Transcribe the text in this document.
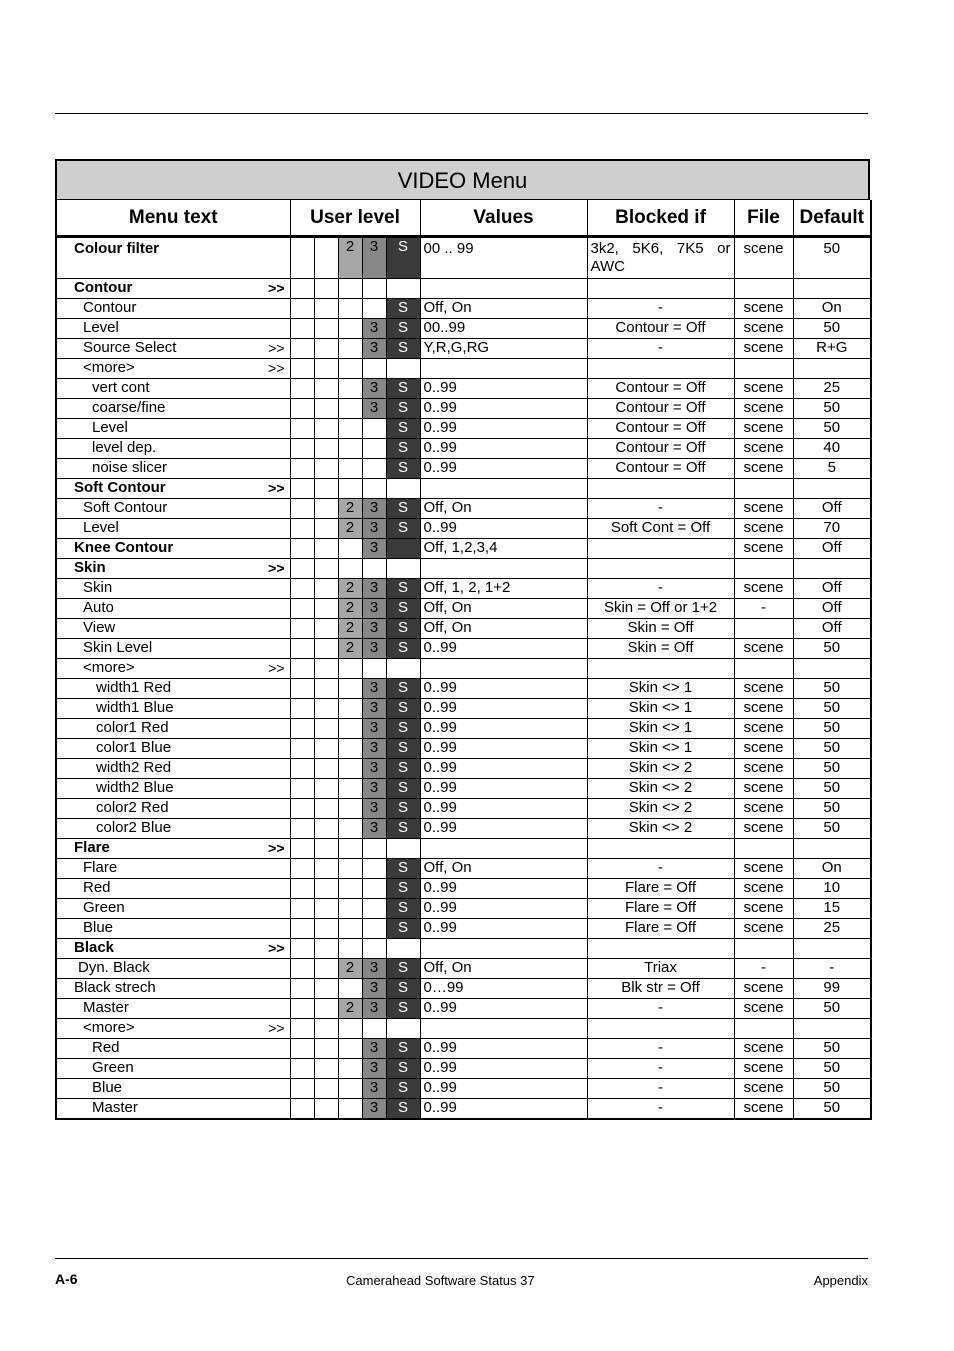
VIDEO Menu
Menu text	User level	Values	Blocked if	File	Default
Colour filter			2	3	S	00 .. 99	3k2, 5K6, 7K5 or AWC	scene	50
Contour >>									

Contour					S	Off, On	-	scene	On
Level				3	S	00..99	Contour = Off	scene	50
Source Select >>				3	S	Y,R,G,RG	-	scene	R+G
<more> >>									

vert cont				3	S	0..99	Contour = Off	scene	25
coarse/fine				3	S	0..99	Contour = Off	scene	50
Level					S	0..99	Contour = Off	scene	50
level dep.					S	0..99	Contour = Off	scene	40
noise slicer					S	0..99	Contour = Off	scene	5
Soft Contour >>									

Soft Contour			2	3	S	Off, On	-	scene	Off
Level			2	3	S	0..99	Soft Cont = Off	scene	70
Knee Contour				3		Off, 1,2,3,4		scene	Off
Skin >>									

Skin			2	3	S	Off, 1, 2, 1+2	-	scene	Off
Auto			2	3	S	Off, On	Skin = Off or 1+2	-	Off
View			2	3	S	Off, On	Skin = Off		Off
Skin Level			2	3	S	0..99	Skin = Off	scene	50
<more> >>									

width1 Red				3	S	0..99	Skin <> 1	scene	50
width1 Blue				3	S	0..99	Skin <> 1	scene	50
color1 Red				3	S	0..99	Skin <> 1	scene	50
color1 Blue				3	S	0..99	Skin <> 1	scene	50
width2 Red				3	S	0..99	Skin <> 2	scene	50
width2 Blue				3	S	0..99	Skin <> 2	scene	50
color2 Red				3	S	0..99	Skin <> 2	scene	50
color2 Blue				3	S	0..99	Skin <> 2	scene	50
Flare >>									

Flare					S	Off, On	-	scene	On
Red					S	0..99	Flare = Off	scene	10
Green					S	0..99	Flare = Off	scene	15
Blue					S	0..99	Flare = Off	scene	25
Black >>									

Dyn. Black			2	3	S	Off, On	Triax	-	-
Black strech				3	S	0…99	Blk str = Off	scene	99
Master			2	3	S	0..99	-	scene	50
<more> >>									

Red				3	S	0..99	-	scene	50
Green				3	S	0..99	-	scene	50
Blue				3	S	0..99	-	scene	50
Master				3	S	0..99	-	scene	50
A-6	Camerahead Software Status 37	Appendix
